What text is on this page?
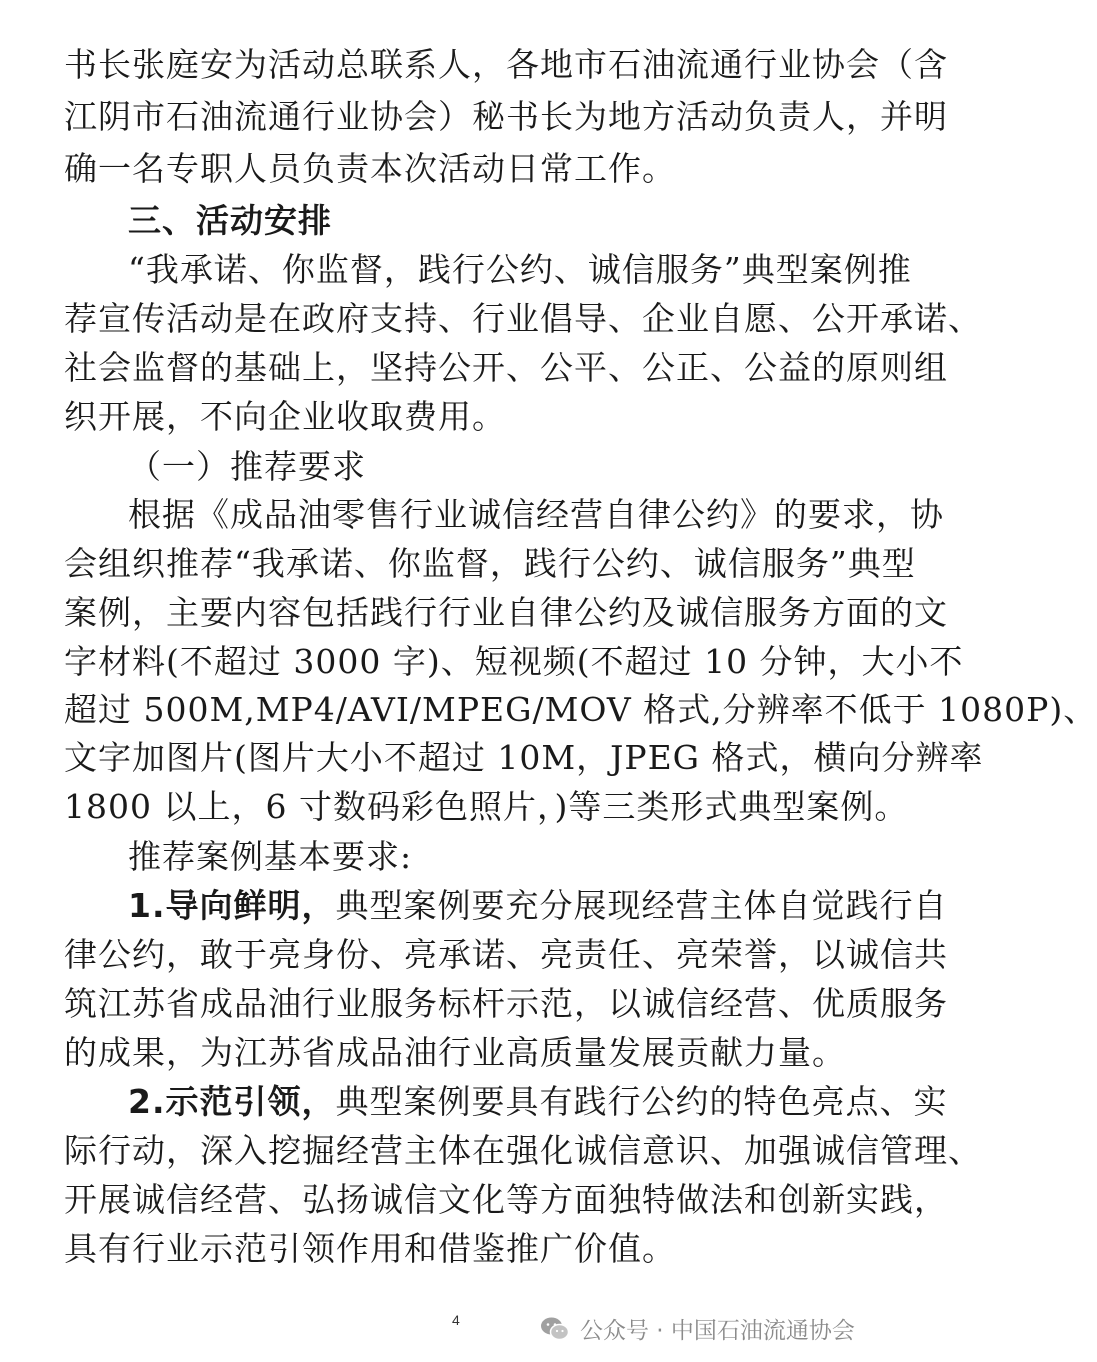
书长张庭安为活动总联系人，各地市石油流通行业协会（含
江阴市石油流通行业协会）秘书长为地方活动负责人，并明
确一名专职人员负责本次活动日常工作。
三、活动安排
“我承诺、你监督，践行公约、诚信服务”典型案例推
荐宣传活动是在政府支持、行业倡导、企业自愿、公开承诺、
社会监督的基础上，坚持公开、公平、公正、公益的原则组
织开展，不向企业收取费用。
（一）推荐要求
根据《成品油零售行业诚信经营自律公约》的要求，协
会组织推荐“我承诺、你监督，践行公约、诚信服务”典型
案例，主要内容包括践行行业自律公约及诚信服务方面的文
字材料(不超过 3000 字)、短视频(不超过 10 分钟，大小不
超过 500M,MP4/AVI/MPEG/MOV 格式,分辨率不低于 1080P)、
文字加图片(图片大小不超过 10M，JPEG 格式，横向分辨率
1800 以上，6 寸数码彩色照片，)等三类形式典型案例。
推荐案例基本要求:
1.导向鲜明，典型案例要充分展现经营主体自觉践行自
律公约，敢于亮身份、亮承诺、亮责任、亮荣誉，以诚信共
筑江苏省成品油行业服务标杆示范，以诚信经营、优质服务
的成果，为江苏省成品油行业高质量发展贡献力量。
2.示范引领，典型案例要具有践行公约的特色亮点、实
际行动，深入挖掘经营主体在强化诚信意识、加强诚信管理、
开展诚信经营、弘扬诚信文化等方面独特做法和创新实践，
具有行业示范引领作用和借鉴推广价值。
4	公众号 · 中国石油流通协会
